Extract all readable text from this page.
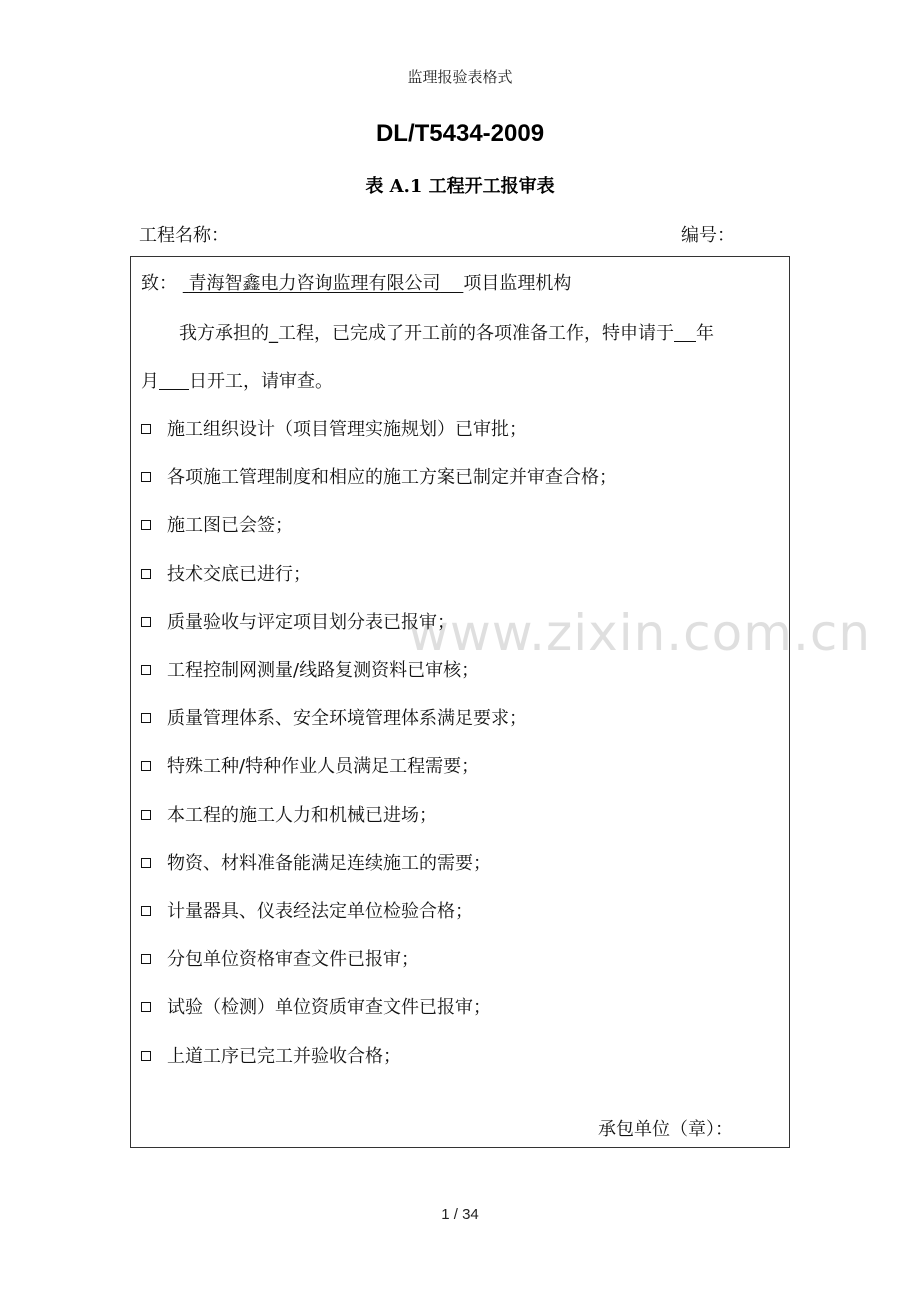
监理报验表格式
DL/T5434-2009
表 A.1 工程开工报审表
工程名称：	编号：
致： 青海智鑫电力咨询监理有限公司 项目监理机构
我方承担的_工程，已完成了开工前的各项准备工作，特申请于 年
月 日开工，请审查。
施工组织设计（项目管理实施规划）已审批；
各项施工管理制度和相应的施工方案已制定并审查合格；
施工图已会签；
技术交底已进行；
质量验收与评定项目划分表已报审；
工程控制网测量/线路复测资料已审核；
质量管理体系、安全环境管理体系满足要求；
特殊工种/特种作业人员满足工程需要；
本工程的施工人力和机械已进场；
物资、材料准备能满足连续施工的需要；
计量器具、仪表经法定单位检验合格；
分包单位资格审查文件已报审；
试验（检测）单位资质审查文件已报审；
上道工序已完工并验收合格；
承包单位（章）：
www.zixin.com.cn
1 / 34
